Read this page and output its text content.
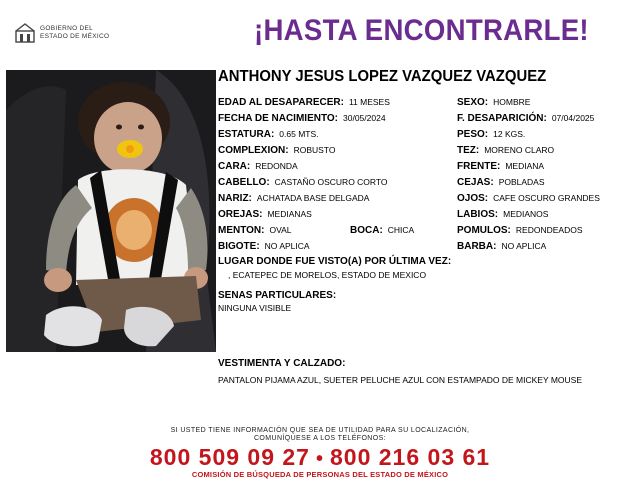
GOBIERNO DEL
ESTADO DE MÉXICO	¡HASTA ENCONTRARLE!
ANTHONY JESUS LOPEZ VAZQUEZ VAZQUEZ
EDAD AL DESAPARECER: 11 MESES
FECHA DE NACIMIENTO: 30/05/2024
ESTATURA: 0.65 MTS.
COMPLEXION: ROBUSTO
CARA: REDONDA
CABELLO: CASTAÑO OSCURO CORTO
NARIZ: ACHATADA BASE DELGADA
OREJAS: MEDIANAS
MENTON: OVAL
BIGOTE: NO APLICA
BOCA: CHICA
SEXO: HOMBRE
F. DESAPARICIÓN: 07/04/2025
PESO: 12 KGS.
TEZ: MORENO CLARO
FRENTE: MEDIANA
CEJAS: POBLADAS
OJOS: CAFE OSCURO GRANDES
LABIOS: MEDIANOS
POMULOS: REDONDEADOS
BARBA: NO APLICA
LUGAR DONDE FUE VISTO(A) POR ÚLTIMA VEZ:
, ECATEPEC DE MORELOS, ESTADO DE MEXICO
SENAS PARTICULARES:
NINGUNA VISIBLE
VESTIMENTA Y CALZADO:
PANTALON PIJAMA AZUL, SUETER PELUCHE AZUL CON ESTAMPADO DE MICKEY MOUSE
SI USTED TIENE INFORMACIÓN QUE SEA DE UTILIDAD PARA SU LOCALIZACIÓN,
COMUNÍQUESE A LOS TELÉFONOS:
800 509 09 27 • 800 216 03 61
COMISIÓN DE BÚSQUEDA DE PERSONAS DEL ESTADO DE MÉXICO
